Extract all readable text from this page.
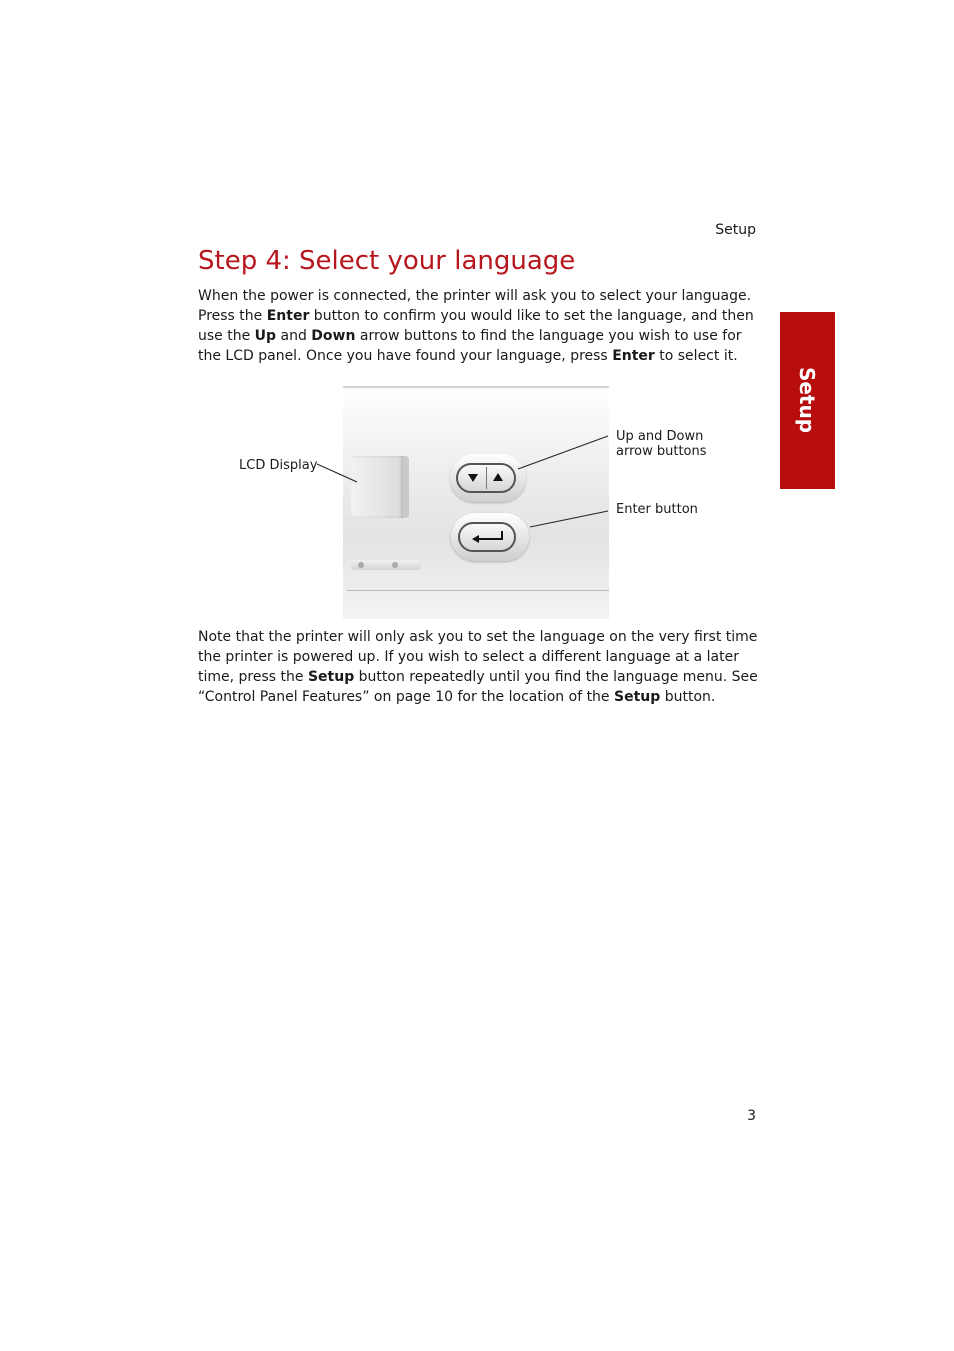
Setup
Step 4: Select your language

When the power is connected, the printer will ask you to select your language. Press the Enter button to confirm you would like to set the language, and then use the Up and Down arrow buttons to find the language you wish to use for the LCD panel. Once you have found your language, press Enter to select it.

Setup
LCD Display
Up and Down arrow buttons
Enter button

Note that the printer will only ask you to set the language on the very first time the printer is powered up. If you wish to select a different language at a later time, press the Setup button repeatedly until you find the language menu. See “Control Panel Features” on page 10 for the location of the Setup button.

3
